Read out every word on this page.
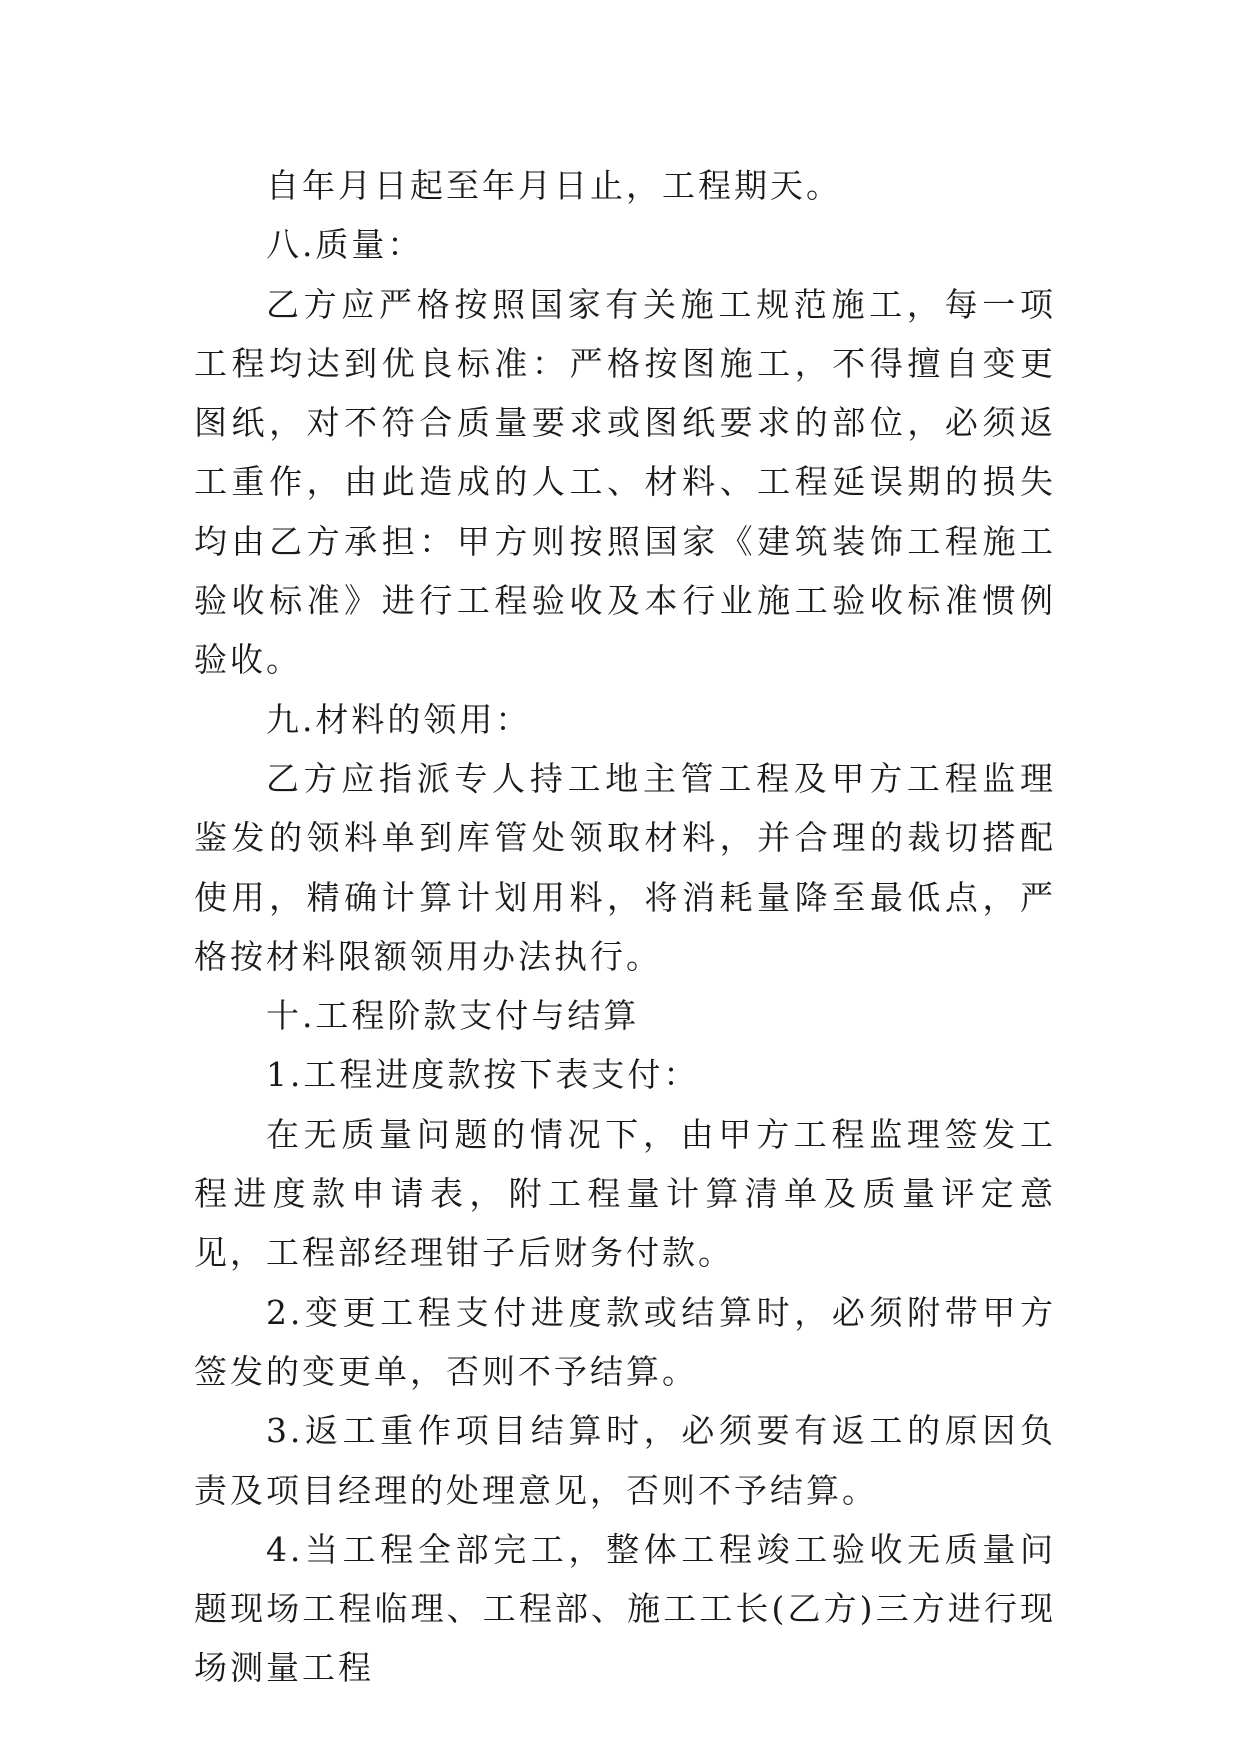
自年月日起至年月日止，工程期天。

八.质量：

乙方应严格按照国家有关施工规范施工，每一项工程均达到优良标准：严格按图施工，不得擅自变更图纸，对不符合质量要求或图纸要求的部位，必须返工重作，由此造成的人工、材料、工程延误期的损失均由乙方承担：甲方则按照国家《建筑装饰工程施工验收标准》进行工程验收及本行业施工验收标准惯例验收。

九.材料的领用：

乙方应指派专人持工地主管工程及甲方工程监理鉴发的领料单到库管处领取材料，并合理的裁切搭配使用，精确计算计划用料，将消耗量降至最低点，严格按材料限额领用办法执行。

十.工程阶款支付与结算

1.工程进度款按下表支付：

在无质量问题的情况下，由甲方工程监理签发工程进度款申请表，附工程量计算清单及质量评定意见，工程部经理钳子后财务付款。

2.变更工程支付进度款或结算时，必须附带甲方签发的变更单，否则不予结算。

3.返工重作项目结算时，必须要有返工的原因负责及项目经理的处理意见，否则不予结算。

4.当工程全部完工，整体工程竣工验收无质量问题现场工程临理、工程部、施工工长(乙方)三方进行现场测量工程
